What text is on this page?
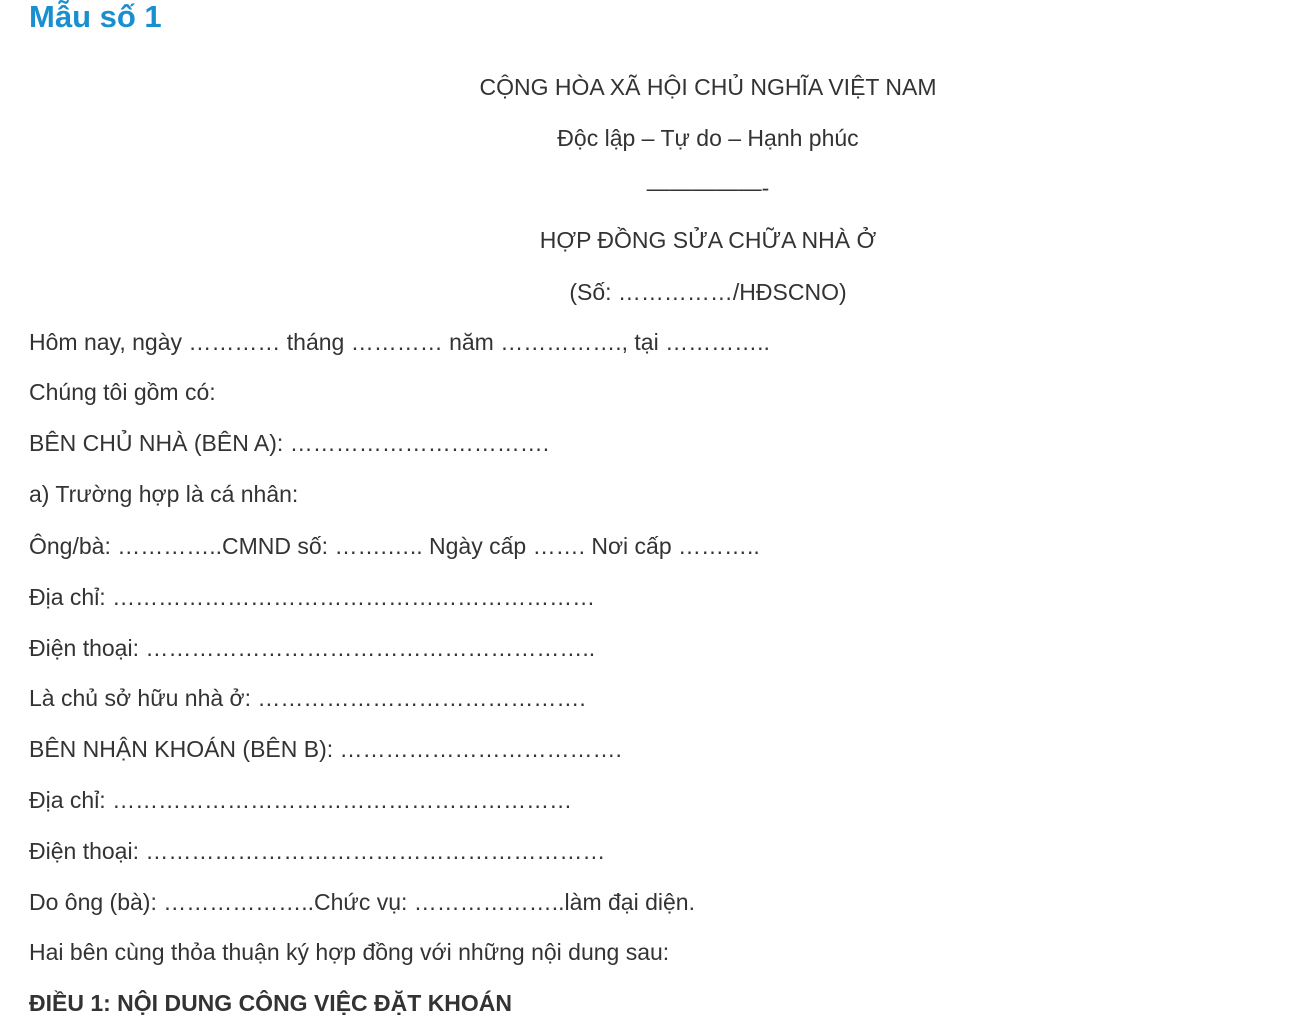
Mẫu số 1
CỘNG HÒA XÃ HỘI CHỦ NGHĨA VIỆT NAM
Độc lập – Tự do – Hạnh phúc
—————-
HỢP ĐỒNG SỬA CHỮA NHÀ Ở
(Số: ……………/HĐSCNO)
Hôm nay, ngày ………… tháng ………… năm ……………., tại …………..
Chúng tôi gồm có:
BÊN CHỦ NHÀ (BÊN A): …………………………….
a) Trường hợp là cá nhân:
Ông/bà: …………..CMND số: …….….. Ngày cấp ……. Nơi cấp ………..
Địa chỉ: ………………………………………………………
Điện thoại: …………………………………………………..
Là chủ sở hữu nhà ở: …………………………………….
BÊN NHẬN KHOÁN (BÊN B): ……………………………….
Địa chỉ: ……………………………………………………
Điện thoại: ……………………………………………………
Do ông (bà): ………………..Chức vụ: ………………..làm đại diện.
Hai bên cùng thỏa thuận ký hợp đồng với những nội dung sau:
ĐIỀU 1: NỘI DUNG CÔNG VIỆC ĐẶT KHOÁN
